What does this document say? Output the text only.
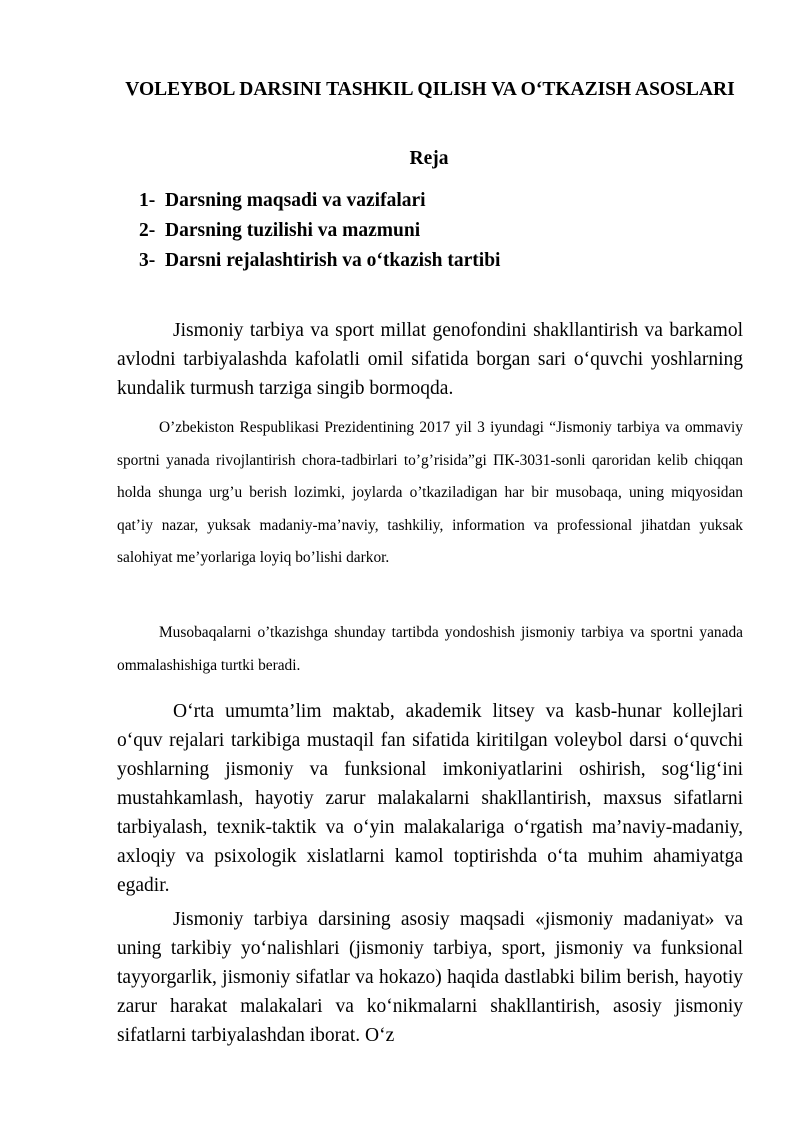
VOLEYBOL DARSINI TASHKIL QILISH VA O‘TKAZISH ASOSLARI
Reja
1- Darsning maqsadi va vazifalari
2- Darsning tuzilishi va mazmuni
3- Darsni rejalashtirish va o‘tkazish tartibi

Jismoniy tarbiya va sport millat genofondini shakllantirish va barkamol avlodni tarbiyalashda kafolatli omil sifatida borgan sari o‘quvchi yoshlarning kundalik turmush tarziga singib bormoqda.

O’zbekiston Respublikasi Prezidentining 2017 yil 3 iyundagi “Jismoniy tarbiya va ommaviy sportni yanada rivojlantirish chora-tadbirlari to’g’risida”gi ПК-3031-sonli qaroridan kelib chiqqan holda shunga urg’u berish lozimki, joylarda o’tkaziladigan har bir musobaqa, uning miqyosidan qat’iy nazar, yuksak madaniy-ma’naviy, tashkiliy, information va professional jihatdan yuksak salohiyat me’yorlariga loyiq bo’lishi darkor.

Musobaqalarni o’tkazishga shunday tartibda yondoshish jismoniy tarbiya va sportni yanada ommalashishiga turtki beradi.

O‘rta umumta’lim maktab, akademik litsey va kasb-hunar kollejlari o‘quv rejalari tarkibiga mustaqil fan sifatida kiritilgan voleybol darsi o‘quvchi yoshlarning jismoniy va funksional imkoniyatlarini oshirish, sog‘lig‘ini mustahkamlash, hayotiy zarur malakalarni shakllantirish, maxsus sifatlarni tarbiyalash, texnik-taktik va o‘yin malakalariga o‘rgatish ma’naviy-madaniy, axloqiy va psixologik xislatlarni kamol toptirishda o‘ta muhim ahamiyatga egadir.

Jismoniy tarbiya darsining asosiy maqsadi «jismoniy madaniyat» va uning tarkibiy yo‘nalishlari (jismoniy tarbiya, sport, jismoniy va funksional tayyorgarlik, jismoniy sifatlar va hokazo) haqida dastlabki bilim berish, hayotiy zarur harakat malakalari va ko‘nikmalarni shakllantirish, asosiy jismoniy sifatlarni tarbiyalashdan iborat. O‘z
